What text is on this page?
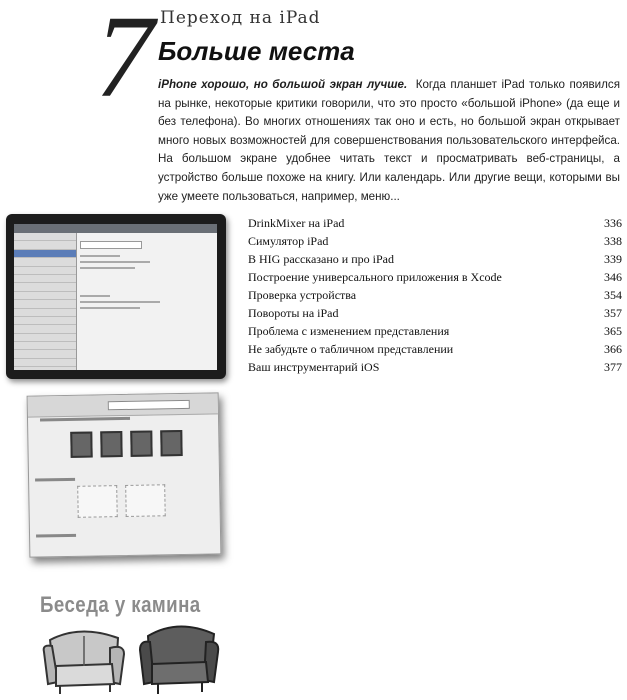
7 Переход на iPad
Больше места
iPhone хорошо, но большой экран лучше. Когда планшет iPad только появился на рынке, некоторые критики говорили, что это просто «большой iPhone» (да еще и без телефона). Во многих отношениях так оно и есть, но большой экран открывает много новых возможностей для совершенствования пользовательского интерфейса. На большом экране удобнее читать текст и просматривать веб-страницы, а устройство больше похоже на книгу. Или календарь. Или другие вещи, которыми вы уже умеете пользоваться, например, меню...
DrinkMixer на iPad	336
Симулятор iPad	338
В HIG рассказано и про iPad	339
Построение универсального приложения в Xcode	346
Проверка устройства	354
Повороты на iPad	357
Проблема с изменением представления	365
Не забудьте о табличном представлении	366
Ваш инструментарий iOS	377
Беседа у камина
